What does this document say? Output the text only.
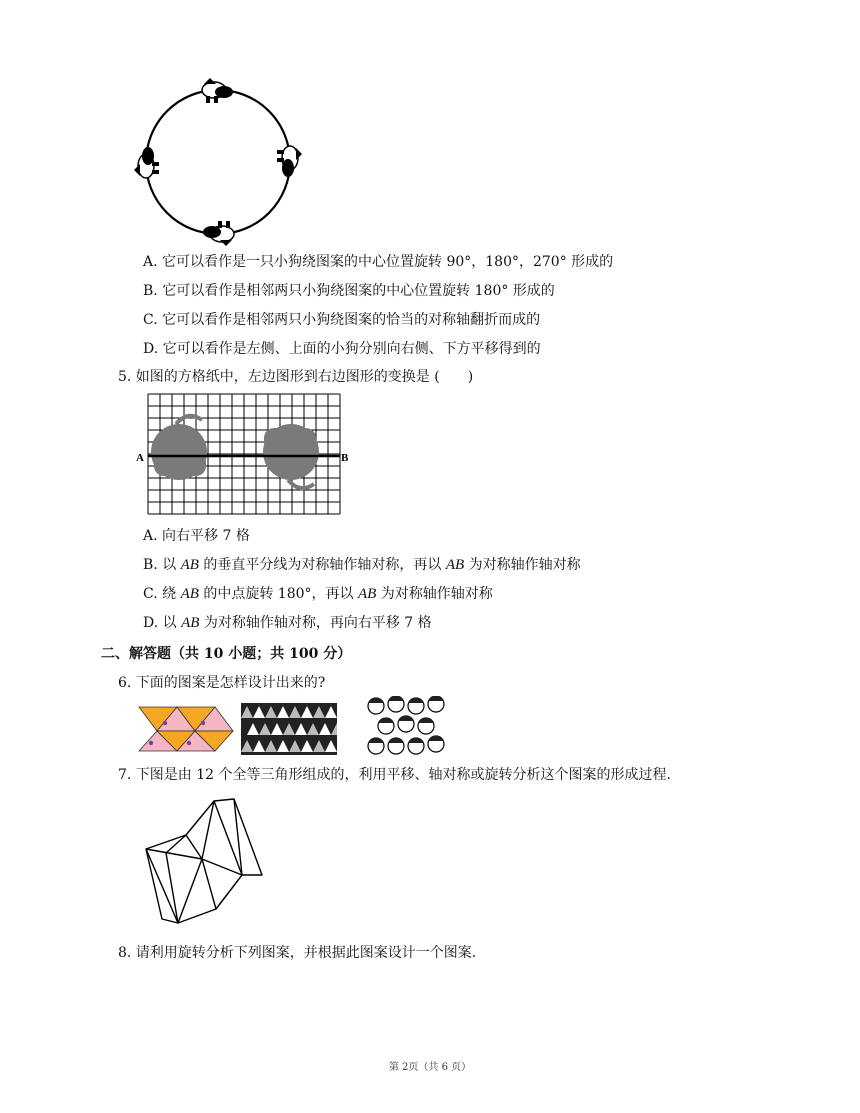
A. 它可以看作是一只小狗绕图案的中心位置旋转 90°，180°，270° 形成的
B. 它可以看作是相邻两只小狗绕图案的中心位置旋转 180° 形成的
C. 它可以看作是相邻两只小狗绕图案的恰当的对称轴翻折而成的
D. 它可以看作是左侧、上面的小狗分别向右侧、下方平移得到的
5. 如图的方格纸中，左边图形到右边图形的变换是 (　　)
A	B
A. 向右平移 7 格
B. 以 AB 的垂直平分线为对称轴作轴对称，再以 AB 为对称轴作轴对称
C. 绕 AB 的中点旋转 180°，再以 AB 为对称轴作轴对称
D. 以 AB 为对称轴作轴对称，再向右平移 7 格
二、解答题（共 10 小题；共 100 分）
6. 下面的图案是怎样设计出来的?
7. 下图是由 12 个全等三角形组成的，利用平移、轴对称或旋转分析这个图案的形成过程.
8. 请利用旋转分析下列图案，并根据此图案设计一个图案.
第 2页（共 6 页）
